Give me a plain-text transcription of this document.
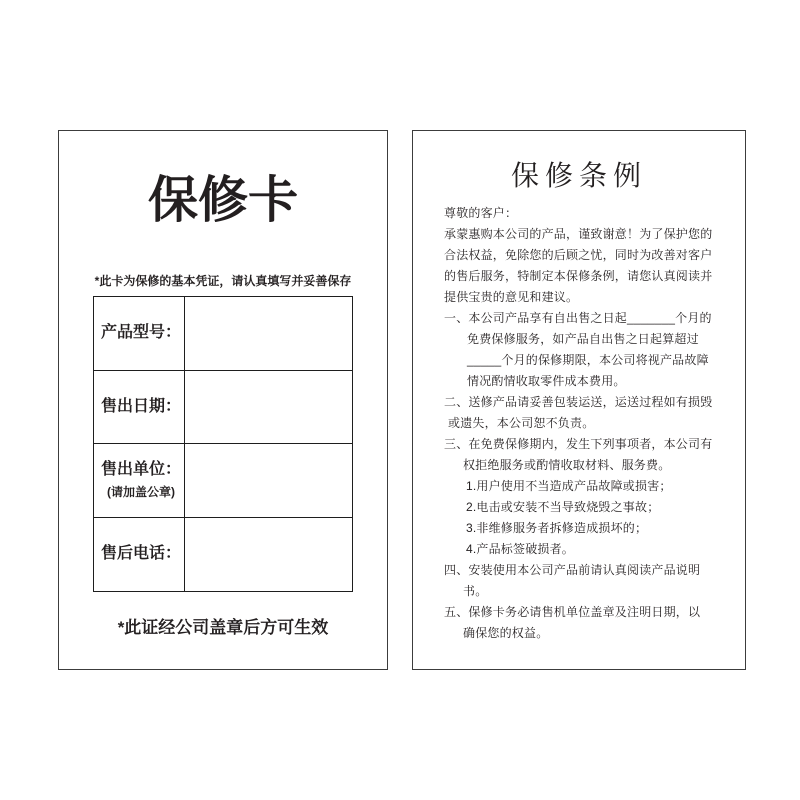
保修卡

*此卡为保修的基本凭证，请认真填写并妥善保存

产品型号：
售出日期：
售出单位：
(请加盖公章)
售后电话：

*此证经公司盖章后方可生效

保修条例
尊敬的客户：
承蒙惠购本公司的产品，谨致谢意！为了保护您的
合法权益，免除您的后顾之忧，同时为改善对客户
的售后服务，特制定本保修条例，请您认真阅读并
提供宝贵的意见和建议。
一、本公司产品享有自出售之日起_______个月的
免费保修服务，如产品自出售之日起算超过
_____个月的保修期限，本公司将视产品故障
情况酌情收取零件成本费用。
二、送修产品请妥善包装运送，运送过程如有损毁
或遗失，本公司恕不负责。
三、在免费保修期内，发生下列事项者，本公司有
权拒绝服务或酌情收取材料、服务费。
1.用户使用不当造成产品故障或损害；
2.电击或安装不当导致烧毁之事故；
3.非维修服务者拆修造成损坏的；
4.产品标签破损者。
四、安装使用本公司产品前请认真阅读产品说明
书。
五、保修卡务必请售机单位盖章及注明日期，以
确保您的权益。
